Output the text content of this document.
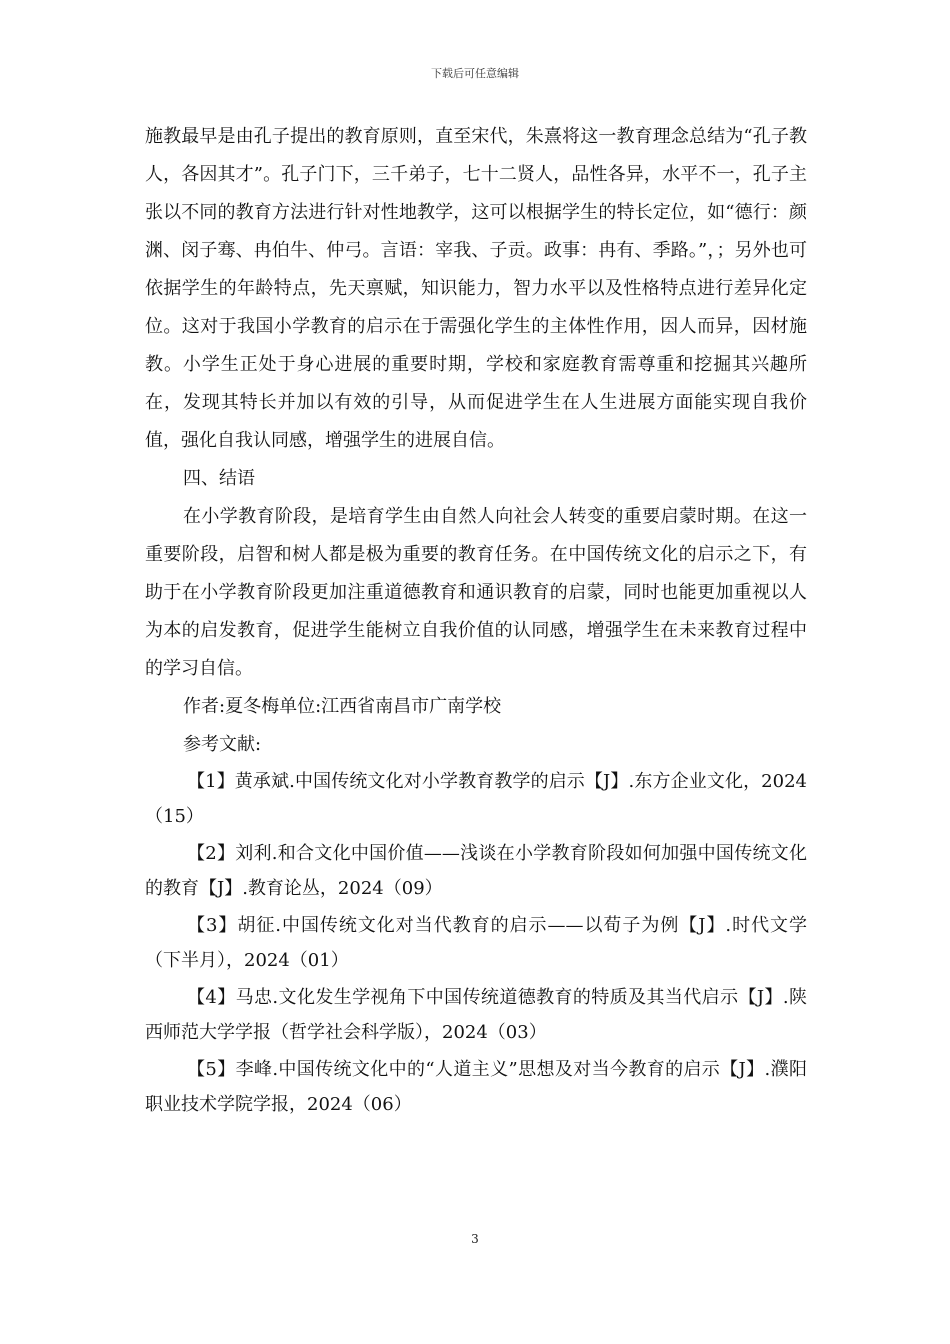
下载后可任意编辑

施教最早是由孔子提出的教育原则，直至宋代，朱熹将这一教育理念总结为“孔子教人，各因其才”。孔子门下，三千弟子，七十二贤人，品性各异，水平不一，孔子主张以不同的教育方法进行针对性地教学，这可以根据学生的特长定位，如“德行：颜渊、闵子骞、冉伯牛、仲弓。言语：宰我、子贡。政事：冉有、季路。”，；另外也可依据学生的年龄特点，先天禀赋，知识能力，智力水平以及性格特点进行差异化定位。这对于我国小学教育的启示在于需强化学生的主体性作用，因人而异，因材施教。小学生正处于身心进展的重要时期，学校和家庭教育需尊重和挖掘其兴趣所在，发现其特长并加以有效的引导，从而促进学生在人生进展方面能实现自我价值，强化自我认同感，增强学生的进展自信。

四、结语

在小学教育阶段，是培育学生由自然人向社会人转变的重要启蒙时期。在这一重要阶段，启智和树人都是极为重要的教育任务。在中国传统文化的启示之下，有助于在小学教育阶段更加注重道德教育和通识教育的启蒙，同时也能更加重视以人为本的启发教育，促进学生能树立自我价值的认同感，增强学生在未来教育过程中的学习自信。

作者:夏冬梅单位:江西省南昌市广南学校

参考文献:

【1】黄承斌.中国传统文化对小学教育教学的启示【J】.东方企业文化，2024（15）

【2】刘利.和合文化中国价值——浅谈在小学教育阶段如何加强中国传统文化的教育【J】.教育论丛，2024（09）

【3】胡征.中国传统文化对当代教育的启示——以荀子为例【J】.时代文学（下半月），2024（01）

【4】马忠.文化发生学视角下中国传统道德教育的特质及其当代启示【J】.陕西师范大学学报（哲学社会科学版），2024（03）

【5】李峰.中国传统文化中的“人道主义”思想及对当今教育的启示【J】.濮阳职业技术学院学报，2024（06）

3
